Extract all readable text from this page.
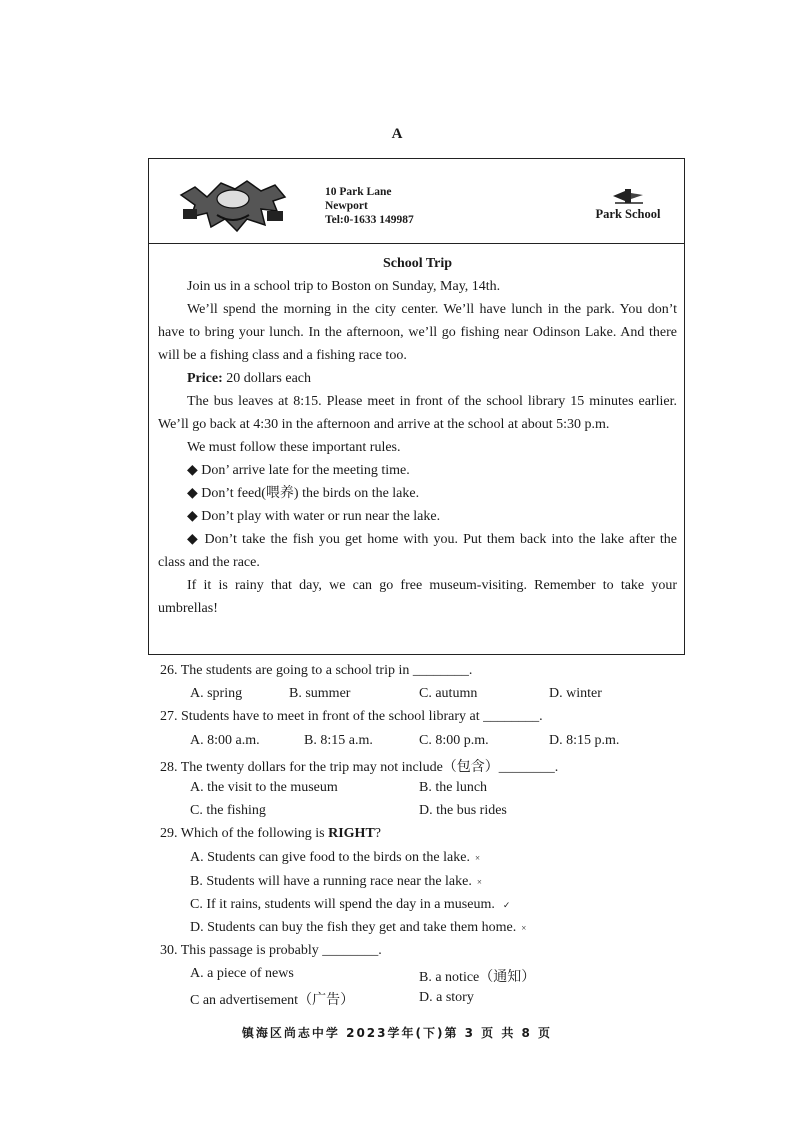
A
10 Park Lane
Newport
Tel:0-1633 149987	Park School
School Trip

Join us in a school trip to Boston on Sunday, May, 14th.

We’ll spend the morning in the city center. We’ll have lunch in the park. You don’t have to bring your lunch. In the afternoon, we’ll go fishing near Odinson Lake. And there will be a fishing class and a fishing race too.

Price: 20 dollars each

The bus leaves at 8:15. Please meet in front of the school library 15 minutes earlier. We’ll go back at 4:30 in the afternoon and arrive at the school at about 5:30 p.m.

We must follow these important rules.

◆ Don’ arrive late for the meeting time.

◆ Don’t feed(喂养) the birds on the lake.

◆ Don’t play with water or run near the lake.

◆ Don’t take the fish you get home with you. Put them back into the lake after the class and the race.

If it is rainy that day, we can go free museum-visiting. Remember to take your umbrellas!

26. The students are going to a school trip in ________.
A. spring	B. summer	C. autumn	D. winter
27. Students have to meet in front of the school library at ________.
A. 8:00 a.m.	B. 8:15 a.m.	C. 8:00 p.m.	D. 8:15 p.m.
28. The twenty dollars for the trip may not include（包含）________.
A. the visit to the museum	B. the lunch
C. the fishing	D. the bus rides
29. Which of the following is RIGHT?
A. Students can give food to the birds on the lake. ×
B. Students will have a running race near the lake. ×
C. If it rains, students will spend the day in a museum. ✓
D. Students can buy the fish they get and take them home. ×
30. This passage is probably ________.
A. a piece of news	B. a notice（通知）
C an advertisement（广告）	D. a story
镇海区尚志中学 2023学年(下)第 3 页 共 8 页
